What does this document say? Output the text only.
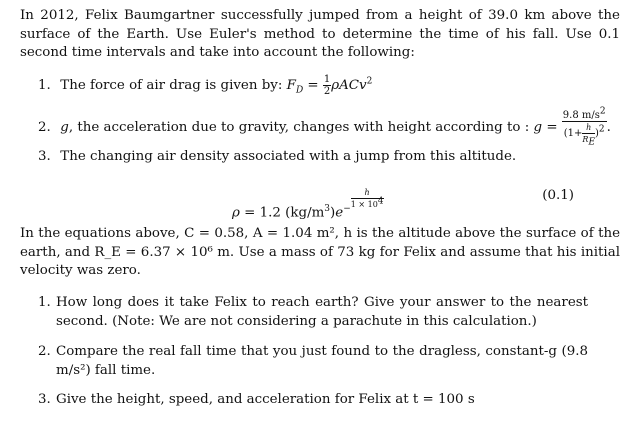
In 2012, Felix Baumgartner successfully jumped from a height of 39.0 km above the surface of the Earth. Use Euler's method to determine the time of his fall. Use 0.1 second time intervals and take into account the following:
1. The force of air drag is given by: $F_D = \frac{1}{2} \rho ACv^2$
2. g, the acceleration due to gravity, changes with height according to : $g = \frac{9.8 m/s^2}{(1+ \frac{h}{R_E} )^2}$ .
3. The changing air density associated with a jump from this altitude.
ρ = 1.2 $(kg/m^3)e^{- \frac{h}{1 \times 10^4}}$	(0.1)
In the equations above, C = 0.58, A = 1.04 m², h is the altitude above the surface of the earth, and R_E = 6.37 × 10⁶ m. Use a mass of 73 kg for Felix and assume that his initial velocity was zero.
1. How long does it take Felix to reach earth? Give your answer to the nearest second. (Note: We are not considering a parachute in this calculation.)
2. Compare the real fall time that you just found to the dragless, constant-g (9.8 m/s²) fall time.
3. Give the height, speed, and acceleration for Felix at t = 100 s
